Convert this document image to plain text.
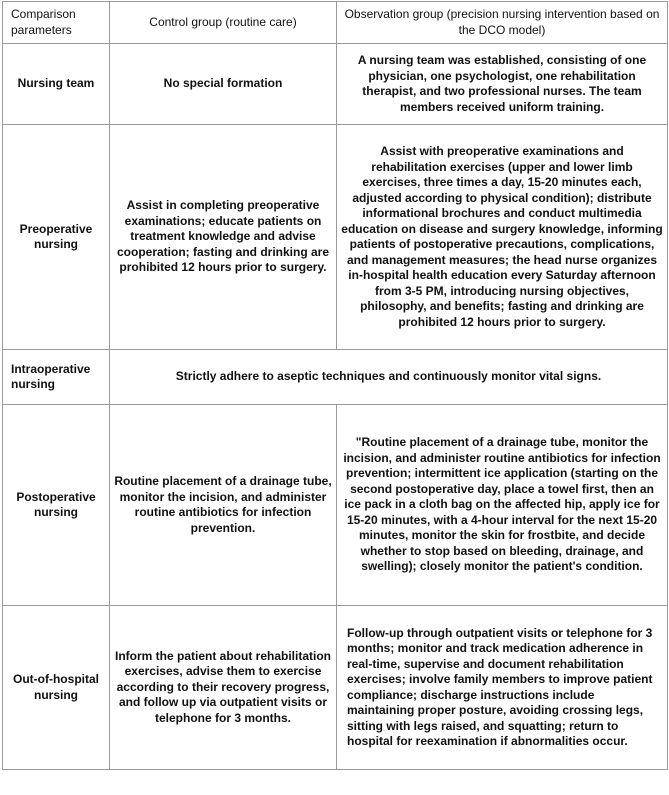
Comparison parameters	Control group (routine care)	Observation group (precision nursing intervention based on the DCO model)
Nursing team	No special formation	A nursing team was established, consisting of one physician, one psychologist, one rehabilitation therapist, and two professional nurses. The team members received uniform training.
Preoperative nursing	Assist in completing preoperative examinations; educate patients on treatment knowledge and advise cooperation; fasting and drinking are prohibited 12 hours prior to surgery.	Assist with preoperative examinations and rehabilitation exercises (upper and lower limb exercises, three times a day, 15-20 minutes each, adjusted according to physical condition); distribute informational brochures and conduct multimedia education on disease and surgery knowledge, informing patients of postoperative precautions, complications, and management measures; the head nurse organizes in-hospital health education every Saturday afternoon from 3-5 PM, introducing nursing objectives, philosophy, and benefits; fasting and drinking are prohibited 12 hours prior to surgery.
Intraoperative nursing	Strictly adhere to aseptic techniques and continuously monitor vital signs.	
Postoperative nursing	Routine placement of a drainage tube, monitor the incision, and administer routine antibiotics for infection prevention.	"Routine placement of a drainage tube, monitor the incision, and administer routine antibiotics for infection prevention; intermittent ice application (starting on the second postoperative day, place a towel first, then an ice pack in a cloth bag on the affected hip, apply ice for 15-20 minutes, with a 4-hour interval for the next 15-20 minutes, monitor the skin for frostbite, and decide whether to stop based on bleeding, drainage, and swelling); closely monitor the patient's condition.
Out-of-hospital nursing	Inform the patient about rehabilitation exercises, advise them to exercise according to their recovery progress, and follow up via outpatient visits or telephone for 3 months.	Follow-up through outpatient visits or telephone for 3 months; monitor and track medication adherence in real-time, supervise and document rehabilitation exercises; involve family members to improve patient compliance; discharge instructions include maintaining proper posture, avoiding crossing legs, sitting with legs raised, and squatting; return to hospital for reexamination if abnormalities occur.
